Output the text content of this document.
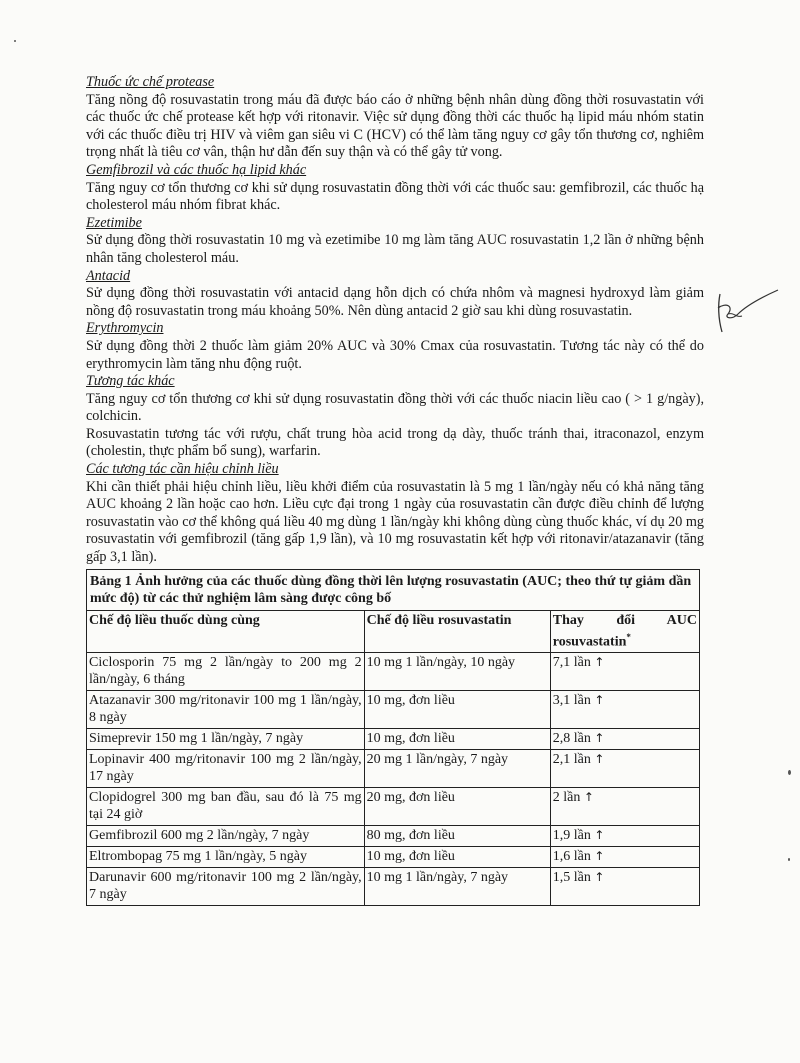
Thuốc ức chế protease
Tăng nồng độ rosuvastatin trong máu đã được báo cáo ở những bệnh nhân dùng đồng thời rosuvastatin với các thuốc ức chế protease kết hợp với ritonavir. Việc sử dụng đồng thời các thuốc hạ lipid máu nhóm statin với các thuốc điều trị HIV và viêm gan siêu vi C (HCV) có thể làm tăng nguy cơ gây tổn thương cơ, nghiêm trọng nhất là tiêu cơ vân, thận hư dẫn đến suy thận và có thể gây tử vong.
Gemfibrozil và các thuốc hạ lipid khác
Tăng nguy cơ tổn thương cơ khi sử dụng rosuvastatin đồng thời với các thuốc sau: gemfibrozil, các thuốc hạ cholesterol máu nhóm fibrat khác.
Ezetimibe
Sử dụng đồng thời rosuvastatin 10 mg và ezetimibe 10 mg làm tăng AUC rosuvastatin 1,2 lần ở những bệnh nhân tăng cholesterol máu.
Antacid
Sử dụng đồng thời rosuvastatin với antacid dạng hỗn dịch có chứa nhôm và magnesi hydroxyd làm giảm nồng độ rosuvastatin trong máu khoảng 50%. Nên dùng antacid 2 giờ sau khi dùng rosuvastatin.
Erythromycin
Sử dụng đồng thời 2 thuốc làm giảm 20% AUC và 30% Cmax của rosuvastatin. Tương tác này có thể do erythromycin làm tăng nhu động ruột.
Tương tác khác
Tăng nguy cơ tổn thương cơ khi sử dụng rosuvastatin đồng thời với các thuốc niacin liều cao ( > 1 g/ngày), colchicin.
Rosuvastatin tương tác với rượu, chất trung hòa acid trong dạ dày, thuốc tránh thai, itraconazol, enzym (cholestin, thực phẩm bổ sung), warfarin.
Các tương tác cần hiệu chỉnh liều
Khi cần thiết phải hiệu chỉnh liều, liều khởi điểm của rosuvastatin là 5 mg 1 lần/ngày nếu có khả năng tăng AUC khoảng 2 lần hoặc cao hơn. Liều cực đại trong 1 ngày của rosuvastatin cần được điều chỉnh để lượng rosuvastatin vào cơ thể không quá liều 40 mg dùng 1 lần/ngày khi không dùng cùng thuốc khác, ví dụ 20 mg rosuvastatin với gemfibrozil (tăng gấp 1,9 lần), và 10 mg rosuvastatin kết hợp với ritonavir/atazanavir (tăng gấp 3,1 lần).
Bảng 1 Ảnh hưởng của các thuốc dùng đồng thời lên lượng rosuvastatin (AUC; theo thứ tự giảm dần mức độ) từ các thử nghiệm lâm sàng được công bố		
Chế độ liều thuốc dùng cùng	Chế độ liều rosuvastatin	Thay đổi AUC rosuvastatin*
Ciclosporin 75 mg 2 lần/ngày to 200 mg 2 lần/ngày, 6 tháng	10 mg 1 lần/ngày, 10 ngày	7,1 lần ↑
Atazanavir 300 mg/ritonavir 100 mg 1 lần/ngày, 8 ngày	10 mg, đơn liều	3,1 lần ↑
Simeprevir 150 mg 1 lần/ngày, 7 ngày	10 mg, đơn liều	2,8 lần ↑
Lopinavir 400 mg/ritonavir 100 mg 2 lần/ngày, 17 ngày	20 mg 1 lần/ngày, 7 ngày	2,1 lần ↑
Clopidogrel 300 mg ban đầu, sau đó là 75 mg tại 24 giờ	20 mg, đơn liều	2 lần ↑
Gemfibrozil 600 mg 2 lần/ngày, 7 ngày	80 mg, đơn liều	1,9 lần ↑
Eltrombopag 75 mg 1 lần/ngày, 5 ngày	10 mg, đơn liều	1,6 lần ↑
Darunavir 600 mg/ritonavir 100 mg 2 lần/ngày, 7 ngày	10 mg 1 lần/ngày, 7 ngày	1,5 lần ↑
